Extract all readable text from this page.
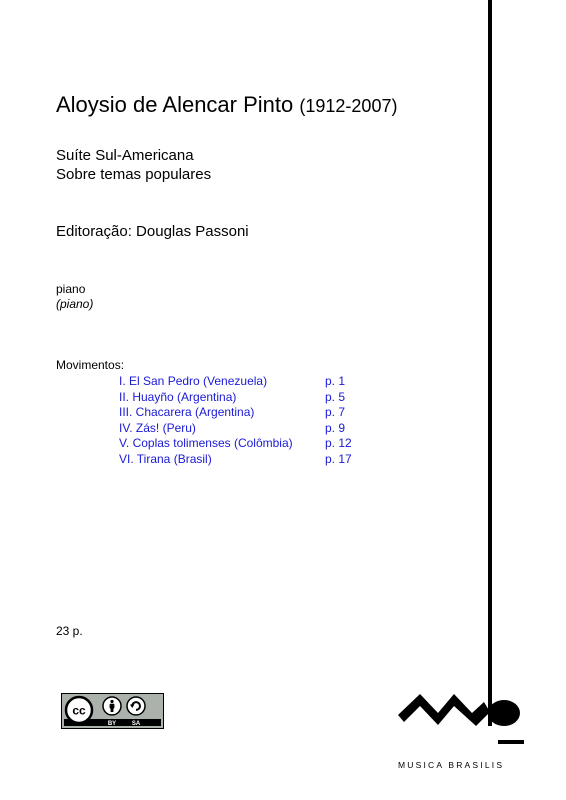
Aloysio de Alencar Pinto (1912-2007)
Suíte Sul-Americana
Sobre temas populares
Editoração: Douglas Passoni
piano
(piano)
Movimentos:
I. El San Pedro (Venezuela)	p. 1
II. Huayño (Argentina)	p. 5
III. Chacarera (Argentina)	p. 7
IV. Zás! (Peru)	p. 9
V. Coplas tolimenses (Colômbia)	p. 12
VI. Tirana (Brasil)	p. 17
23 p.
cc
BY	SA
MUSICA BRASILIS
